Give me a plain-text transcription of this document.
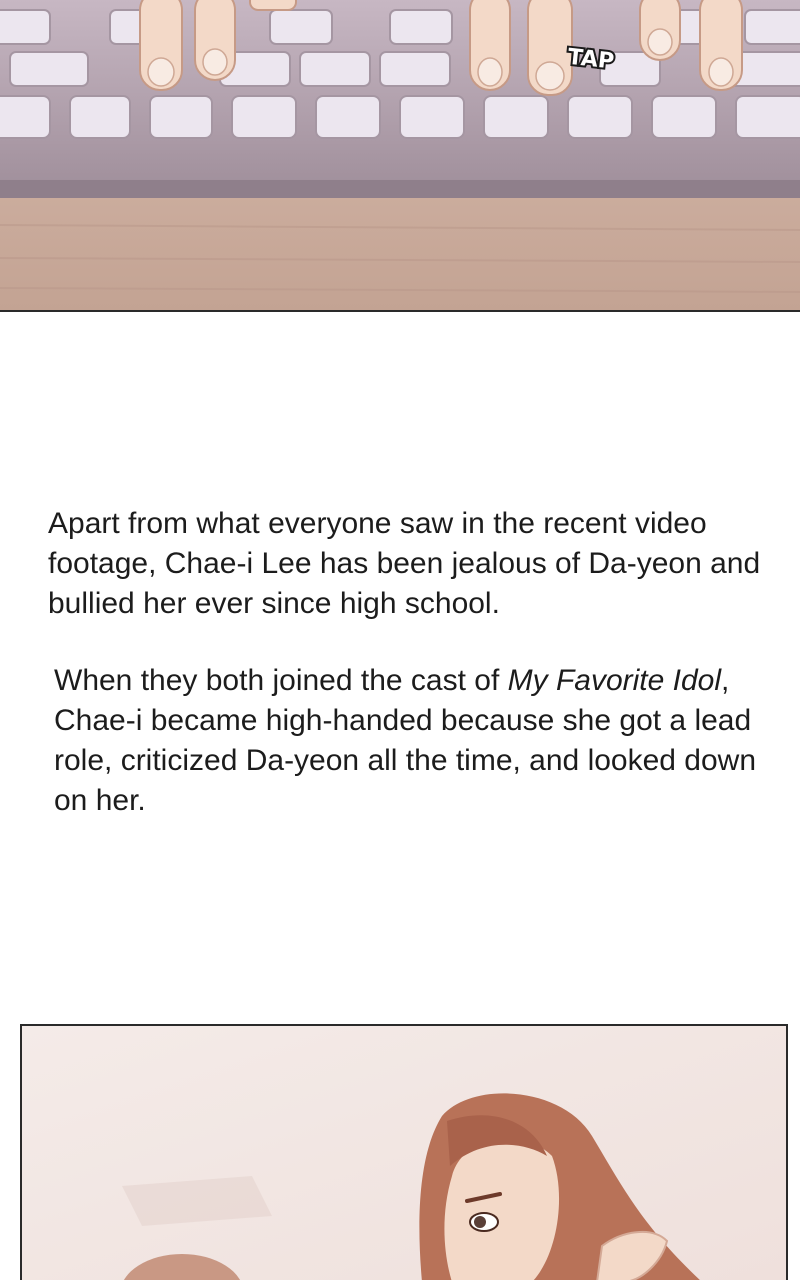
TAP

Apart from what everyone saw in the recent video footage, Chae-i Lee has been jealous of Da-yeon and bullied her ever since high school.

When they both joined the cast of My Favorite Idol, Chae-i became high-handed because she got a lead role, criticized Da-yeon all the time, and looked down on her.
